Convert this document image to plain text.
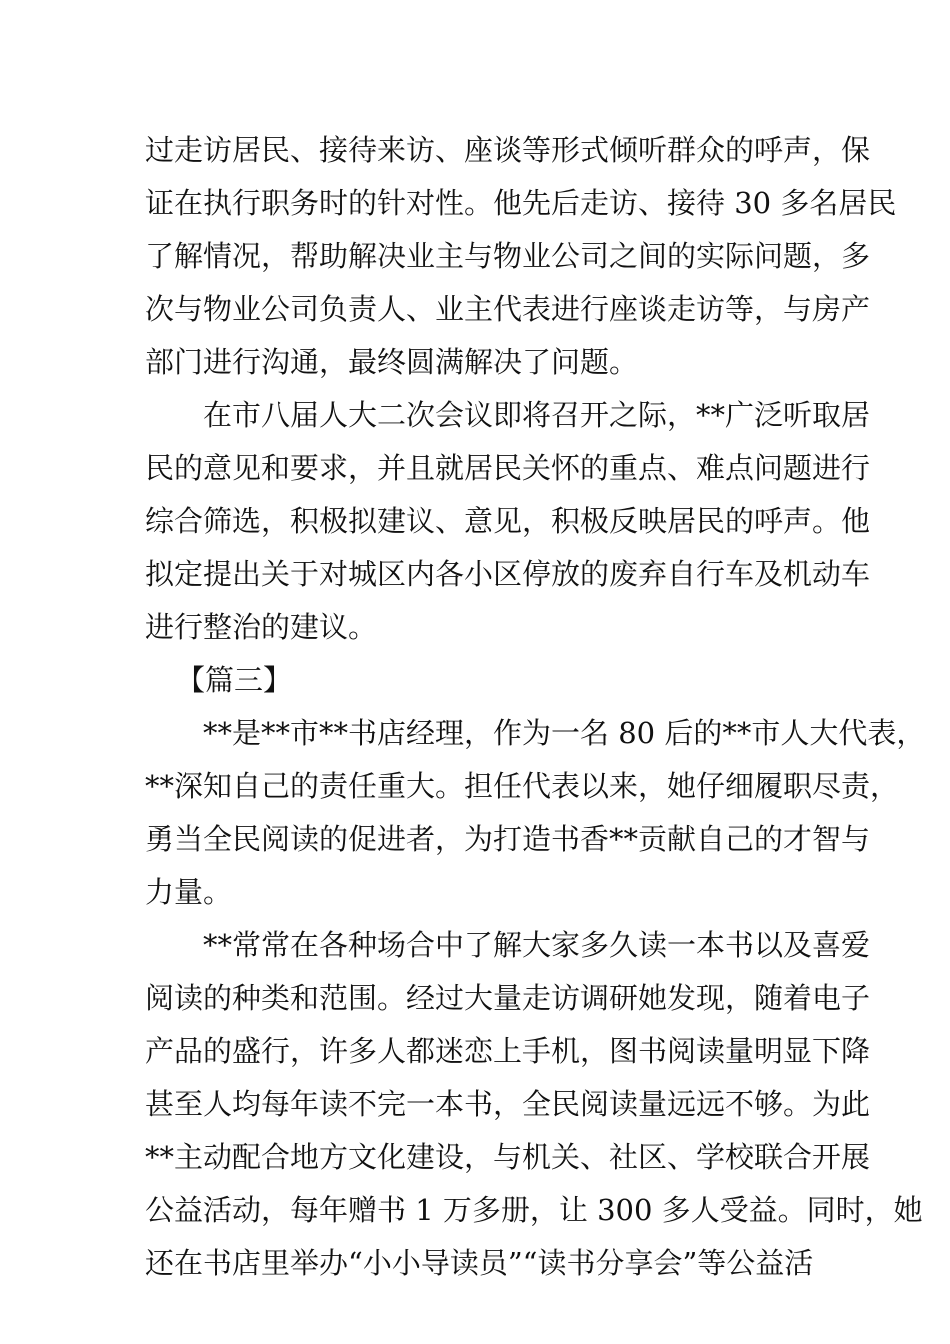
过走访居民、接待来访、座谈等形式倾听群众的呼声，保
证在执行职务时的针对性。他先后走访、接待 30 多名居民
了解情况，帮助解决业主与物业公司之间的实际问题，多
次与物业公司负责人、业主代表进行座谈走访等，与房产
部门进行沟通，最终圆满解决了问题。
在市八届人大二次会议即将召开之际，**广泛听取居
民的意见和要求，并且就居民关怀的重点、难点问题进行
综合筛选，积极拟建议、意见，积极反映居民的呼声。他
拟定提出关于对城区内各小区停放的废弃自行车及机动车
进行整治的建议。
【篇三】
**是**市**书店经理，作为一名 80 后的**市人大代表，
**深知自己的责任重大。担任代表以来，她仔细履职尽责，
勇当全民阅读的促进者，为打造书香**贡献自己的才智与
力量。
**常常在各种场合中了解大家多久读一本书以及喜爱
阅读的种类和范围。经过大量走访调研她发现，随着电子
产品的盛行，许多人都迷恋上手机，图书阅读量明显下降
甚至人均每年读不完一本书，全民阅读量远远不够。为此
**主动配合地方文化建设，与机关、社区、学校联合开展
公益活动，每年赠书 1 万多册，让 300 多人受益。同时，她
还在书店里举办“小小导读员”“读书分享会”等公益活
